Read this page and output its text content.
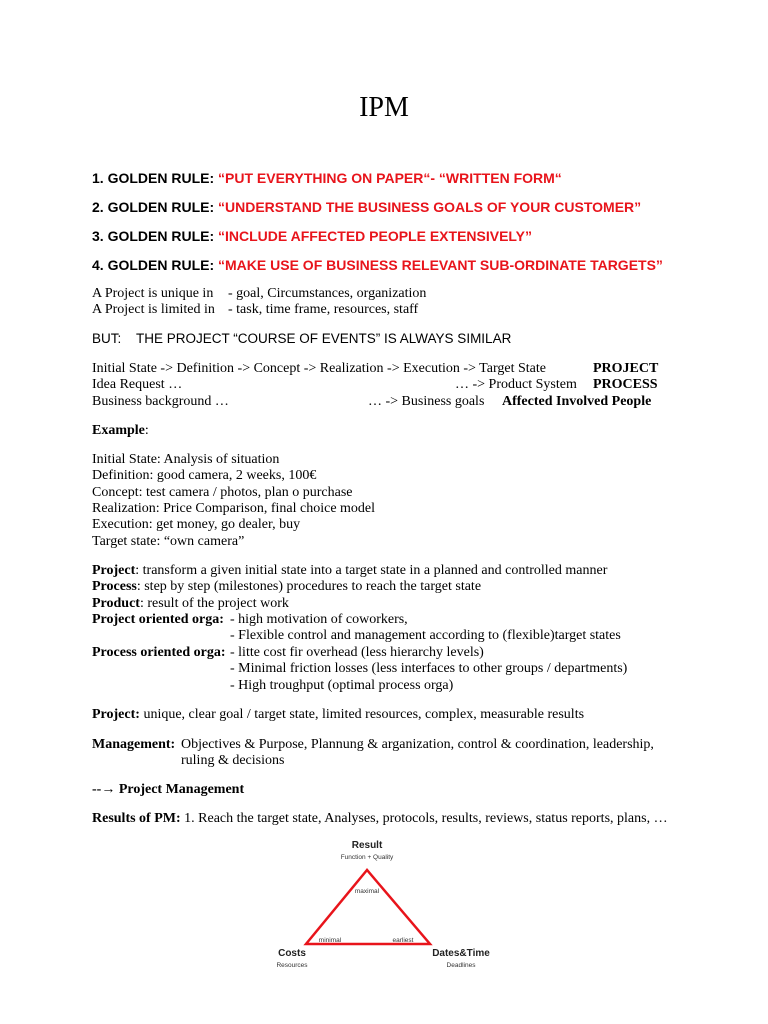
IPM
1. GOLDEN RULE: “PUT EVERYTHING ON PAPER“- “WRITTEN FORM“
2. GOLDEN RULE: “UNDERSTAND THE BUSINESS GOALS OF YOUR CUSTOMER”
3. GOLDEN RULE: “INCLUDE AFFECTED PEOPLE EXTENSIVELY”
4. GOLDEN RULE: “MAKE USE OF BUSINESS RELEVANT SUB-ORDINATE TARGETS”
A Project is unique in - goal, Circumstances, organization
A Project is limited in - task, time frame, resources, staff
BUT:    THE PROJECT “COURSE OF EVENTS” IS ALWAYS SIMILAR
Initial State -> Definition -> Concept -> Realization -> Execution -> Target State	PROJECT
Idea Request …	… -> Product System PROCESS
Business background …	… -> Business goals Affected Involved People
Example:
Initial State: Analysis of situation
Definition: good camera, 2 weeks, 100€
Concept: test camera / photos, plan o purchase
Realization: Price Comparison, final choice model
Execution: get money, go dealer, buy
Target state: “own camera”
Project: transform a given initial state into a target state in a planned and controlled manner
Process: step by step (milestones) procedures to reach the target state
Product: result of the project work
Project oriented orga: - high motivation of coworkers,
- Flexible control and management according to (flexible)target states
Process oriented orga: - litte cost fir overhead (less hierarchy levels)
- Minimal friction losses (less interfaces to other groups / departments)
- High troughput (optimal process orga)
Project: unique, clear goal / target state, limited resources, complex, measurable results
Management: Objectives & Purpose, Plannung & arganization, control & coordination, leadership,
ruling & decisions
--→ Project Management
Results of PM: 1. Reach the target state, Analyses, protocols, results, reviews, status reports, plans, …
Result
Function + Quality
maximal
minimal	earliest
Costs
Resources
Dates&Time
Deadlines
